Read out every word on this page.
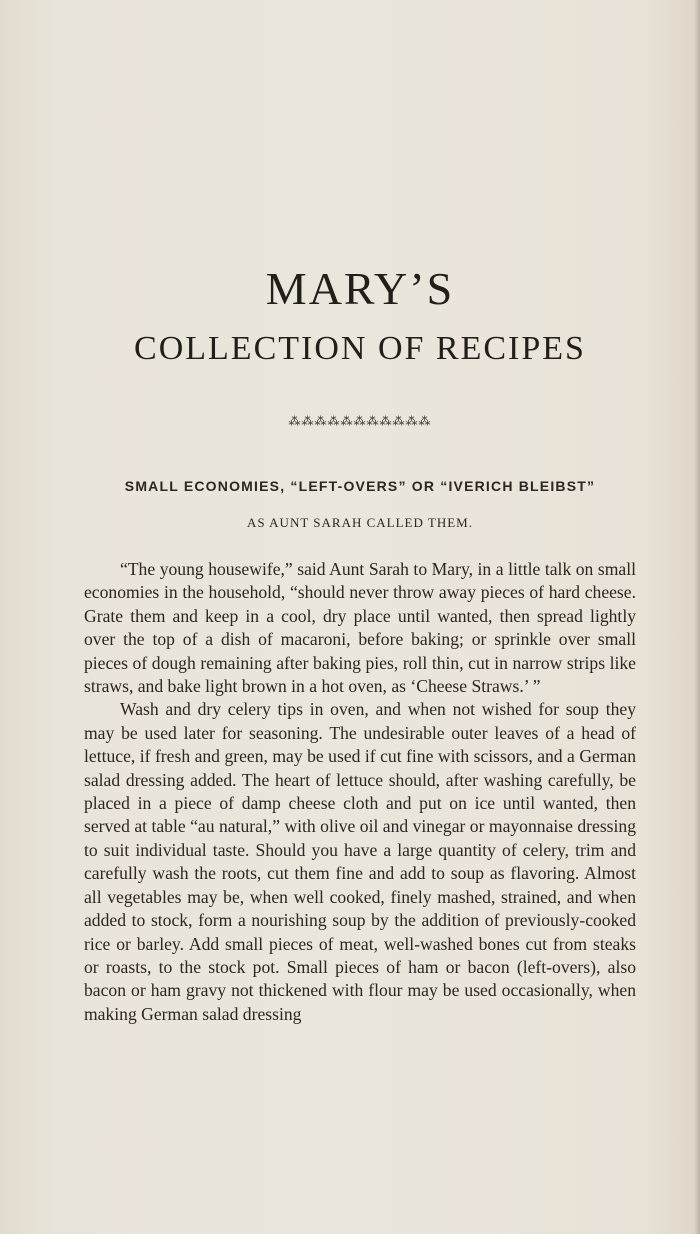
MARY’S
COLLECTION OF RECIPES
⁂⁂⁂⁂⁂⁂⁂⁂⁂⁂⁂
SMALL ECONOMIES, “LEFT-OVERS” OR “IVERICH BLEIBST”
AS AUNT SARAH CALLED THEM.

“The young housewife,” said Aunt Sarah to Mary, in a little talk on small economies in the household, “should never throw away pieces of hard cheese. Grate them and keep in a cool, dry place until wanted, then spread lightly over the top of a dish of macaroni, before baking; or sprinkle over small pieces of dough remaining after baking pies, roll thin, cut in narrow strips like straws, and bake light brown in a hot oven, as ‘Cheese Straws.’ ”

Wash and dry celery tips in oven, and when not wished for soup they may be used later for seasoning. The undesirable outer leaves of a head of lettuce, if fresh and green, may be used if cut fine with scissors, and a German salad dressing added. The heart of lettuce should, after washing carefully, be placed in a piece of damp cheese cloth and put on ice until wanted, then served at table “au natural,” with olive oil and vinegar or mayonnaise dressing to suit individual taste. Should you have a large quantity of celery, trim and carefully wash the roots, cut them fine and add to soup as flavoring. Almost all vegetables may be, when well cooked, finely mashed, strained, and when added to stock, form a nourishing soup by the addition of previously-cooked rice or barley. Add small pieces of meat, well-washed bones cut from steaks or roasts, to the stock pot. Small pieces of ham or bacon (left-overs), also bacon or ham gravy not thickened with flour may be used occasionally, when making German salad dressing
